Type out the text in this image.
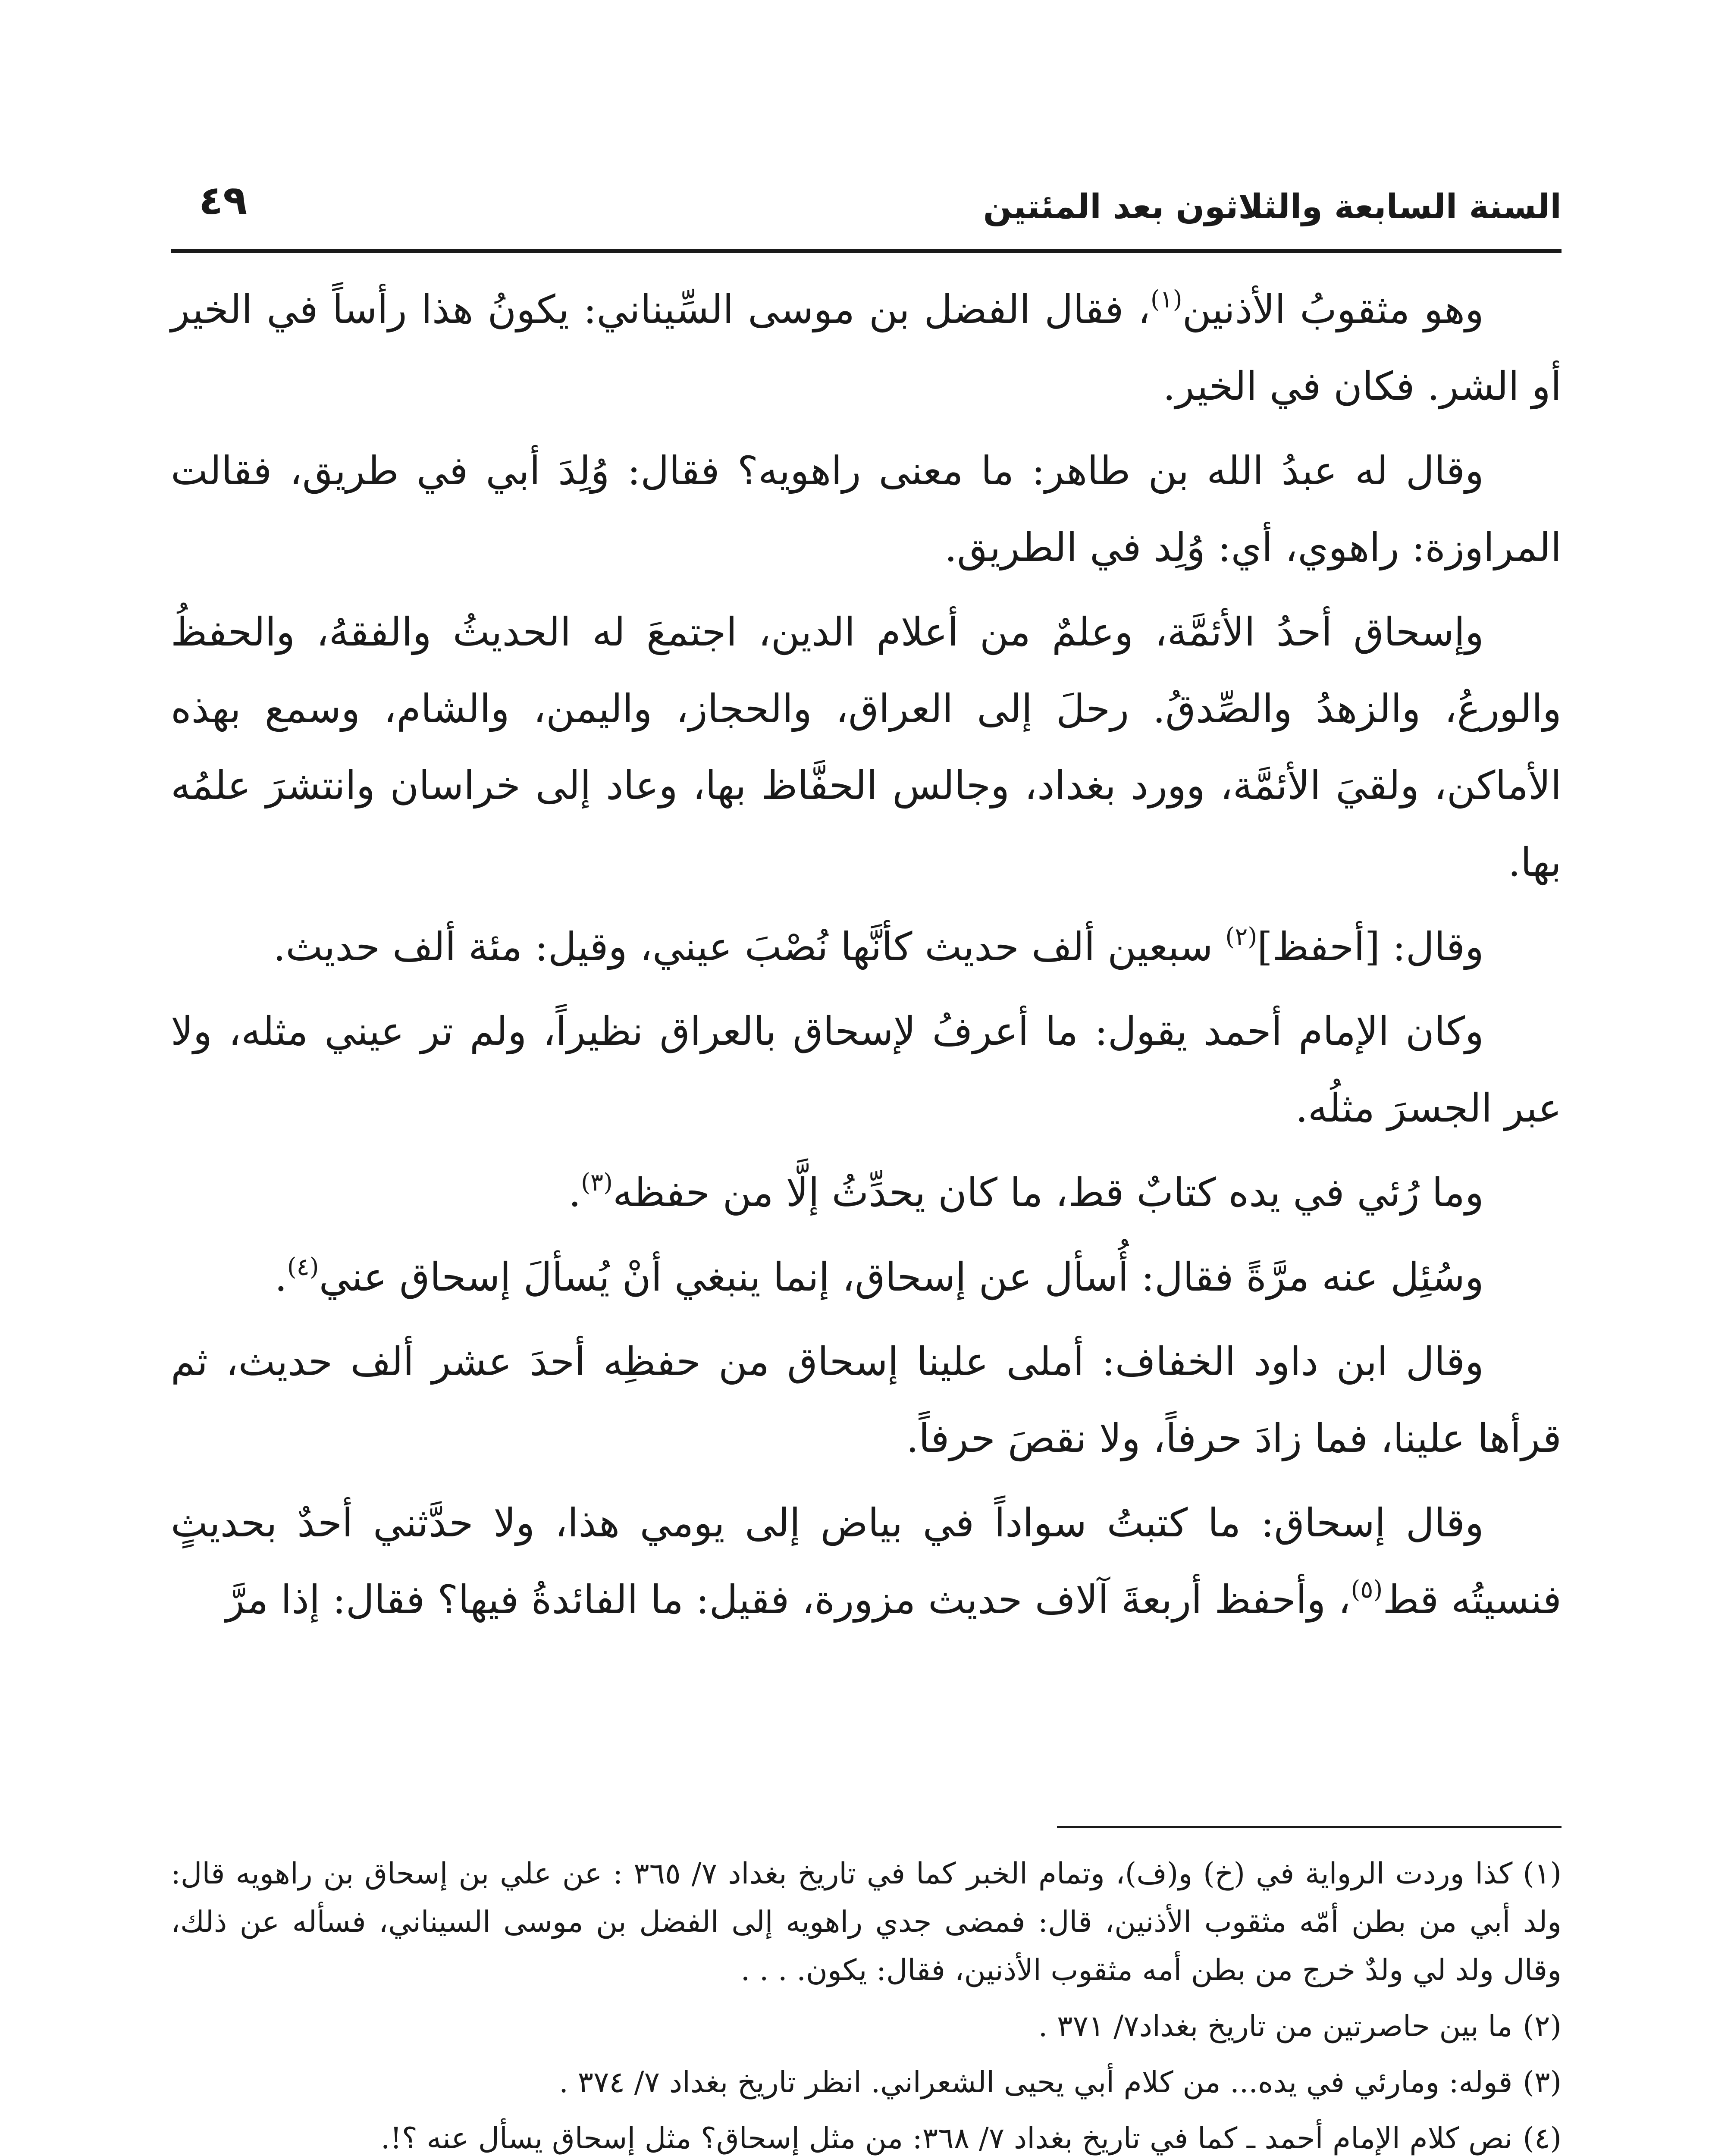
السنة السابعة والثلاثون بعد المئتين
٤٩

وهو مثقوبُ الأذنين$^{(١)}$، فقال الفضل بن موسى السِّيناني: يكونُ هذا رأساً في الخير أو الشر. فكان في الخير.

وقال له عبدُ الله بن طاهر: ما معنى راهويه؟ فقال: وُلِدَ أبي في طريق، فقالت المراوزة: راهوي، أي: وُلِد في الطريق.

وإسحاق أحدُ الأئمَّة، وعلمٌ من أعلام الدين، اجتمعَ له الحديثُ والفقهُ، والحفظُ والورعُ، والزهدُ والصِّدقُ. رحلَ إلى العراق، والحجاز، واليمن، والشام، وسمع بهذه الأماكن، ولقيَ الأئمَّة، وورد بغداد، وجالس الحفَّاظ بها، وعاد إلى خراسان وانتشرَ علمُه بها.

وقال: [أحفظ]$^{(٢)}$ سبعين ألف حديث كأنَّها نُصْبَ عيني، وقيل: مئة ألف حديث.

وكان الإمام أحمد يقول: ما أعرفُ لإسحاق بالعراق نظيراً، ولم تر عيني مثله، ولا عبر الجسرَ مثلُه.

وما رُئي في يده كتابٌ قط، ما كان يحدِّثُ إلَّا من حفظه$^{(٣)}$.

وسُئِل عنه مرَّةً فقال: أُسأل عن إسحاق، إنما ينبغي أنْ يُسألَ إسحاق عني$^{(٤)}$.

وقال ابن داود الخفاف: أملى علينا إسحاق من حفظِه أحدَ عشر ألف حديث، ثم قرأها علينا، فما زادَ حرفاً، ولا نقصَ حرفاً.

وقال إسحاق: ما كتبتُ سواداً في بياض إلى يومي هذا، ولا حدَّثني أحدٌ بحديثٍ فنسيتُه قط$^{(٥)}$، وأحفظ أربعةَ آلاف حديث مزورة، فقيل: ما الفائدةُ فيها؟ فقال: إذا مرَّ

(١)كذا وردت الرواية في (خ) و(ف)، وتمام الخبر كما في تاريخ بغداد ٧/ ٣٦٥ : عن علي بن إسحاق بن راهويه قال: ولد أبي من بطن أمّه مثقوب الأذنين، قال: فمضى جدي راهويه إلى الفضل بن موسى السيناني، فسأله عن ذلك، وقال ولد لي ولدٌ خرج من بطن أمه مثقوب الأذنين، فقال: يكون. . . .
(٢)ما بين حاصرتين من تاريخ بغداد٧/ ٣٧١ .
(٣)قوله: ومارئي في يده... من كلام أبي يحيى الشعراني. انظر تاريخ بغداد ٧/ ٣٧٤ .
(٤)نص كلام الإمام أحمد ـ كما في تاريخ بغداد ٧/ ٣٦٨: من مثل إسحاق؟ مثل إسحاق يسأل عنه ؟!.
